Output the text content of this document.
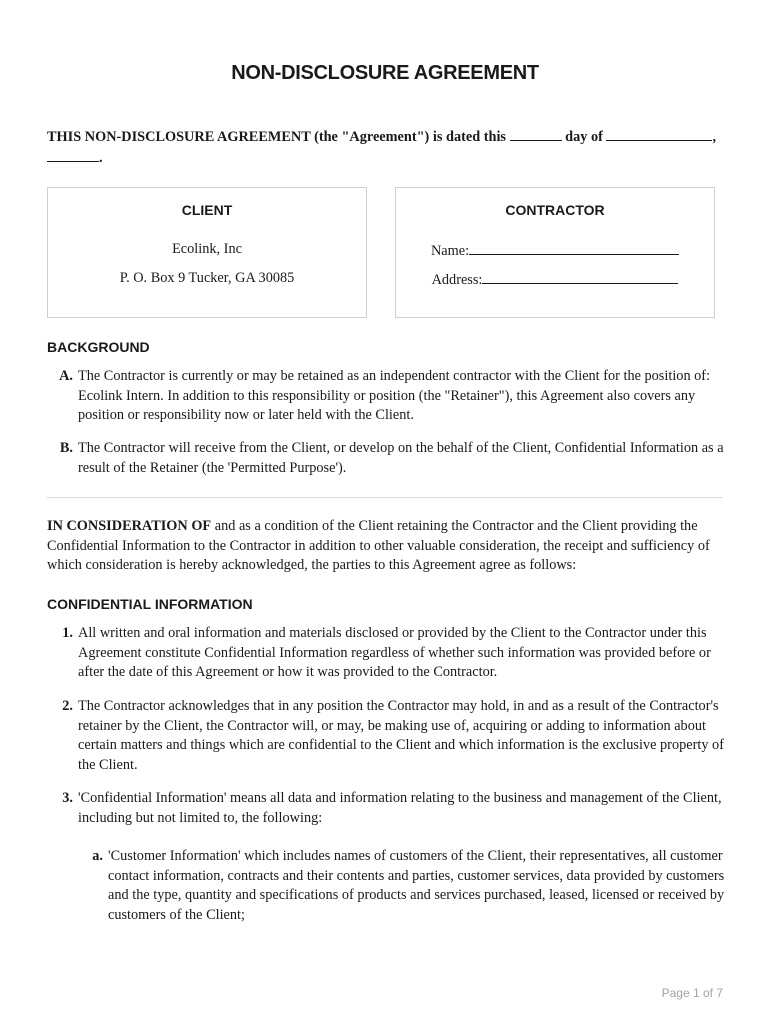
NON-DISCLOSURE AGREEMENT
THIS NON-DISCLOSURE AGREEMENT (the "Agreement") is dated this	day of	,
.
CLIENT
Ecolink, Inc
P. O. Box 9 Tucker, GA 30085
CONTRACTOR
Name:
Address:
BACKGROUND
A. The Contractor is currently or may be retained as an independent contractor with the Client for the position of: Ecolink Intern. In addition to this responsibility or position (the "Retainer"), this Agreement also covers any position or responsibility now or later held with the Client.
B. The Contractor will receive from the Client, or develop on the behalf of the Client, Confidential Information as a result of the Retainer (the 'Permitted Purpose').
IN CONSIDERATION OF and as a condition of the Client retaining the Contractor and the Client providing the Confidential Information to the Contractor in addition to other valuable consideration, the receipt and sufficiency of which consideration is hereby acknowledged, the parties to this Agreement agree as follows:
CONFIDENTIAL INFORMATION
1. All written and oral information and materials disclosed or provided by the Client to the Contractor under this Agreement constitute Confidential Information regardless of whether such information was provided before or after the date of this Agreement or how it was provided to the Contractor.
2. The Contractor acknowledges that in any position the Contractor may hold, in and as a result of the Contractor's retainer by the Client, the Contractor will, or may, be making use of, acquiring or adding to information about certain matters and things which are confidential to the Client and which information is the exclusive property of the Client.
3. 'Confidential Information' means all data and information relating to the business and management of the Client, including but not limited to, the following:
a. 'Customer Information' which includes names of customers of the Client, their representatives, all customer contact information, contracts and their contents and parties, customer services, data provided by customers and the type, quantity and specifications of products and services purchased, leased, licensed or received by customers of the Client;
Page 1 of 7
